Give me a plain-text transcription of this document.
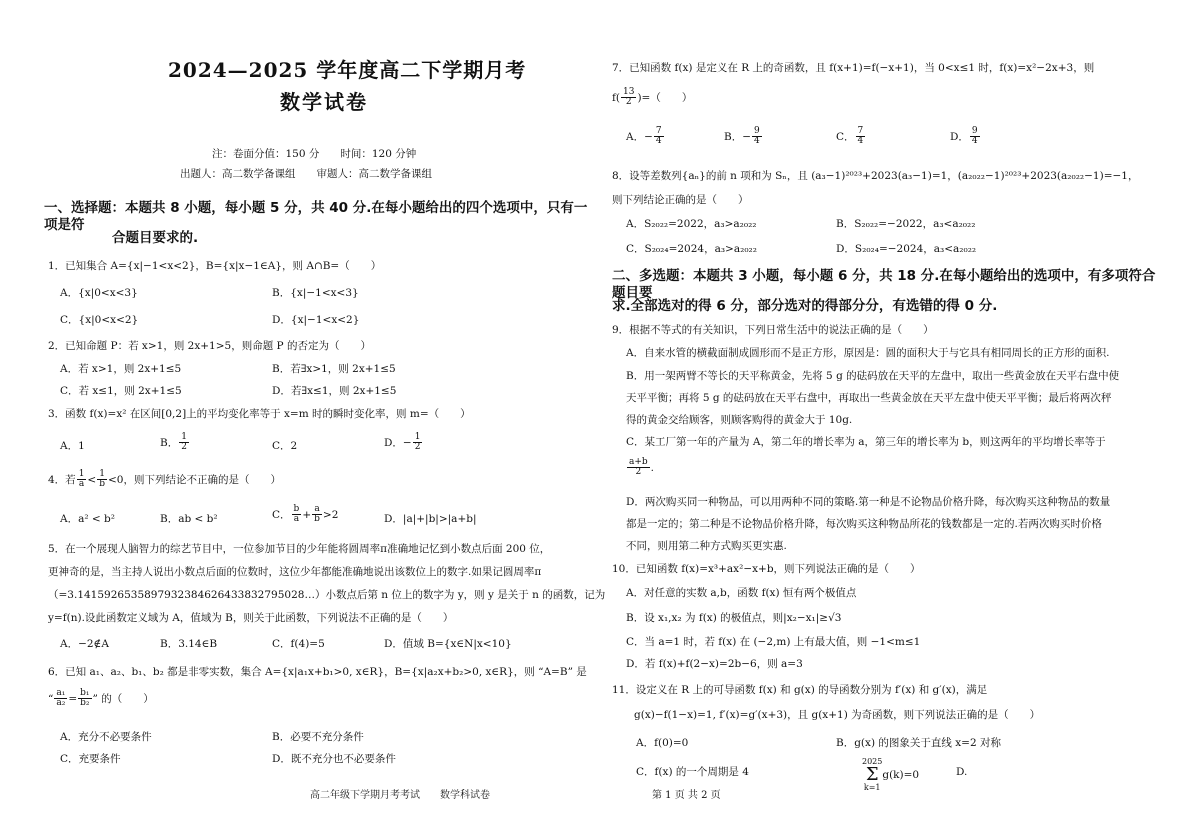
2024—2025 学年度高二下学期月考
数学试卷
注：卷面分值：150 分　　时间：120 分钟
出题人：高二数学备课组　　审题人：高二数学备课组
一、选择题：本题共 8 小题，每小题 5 分，共 40 分.在每小题给出的四个选项中，只有一项是符
合题目要求的.
1．已知集合 A={x|−1<x<2}，B={x|x−1∈A}，则 A∩B=（　　）
A．{x|0<x<3}	B．{x|−1<x<3}
C．{x|0<x<2}	D．{x|−1<x<2}
2．已知命题 P：若 x>1，则 2x+1>5，则命题 P 的否定为（　　）
A．若 x>1，则 2x+1≤5	B．若∃x>1，则 2x+1≤5
C．若 x≤1，则 2x+1≤5	D．若∃x≤1，则 2x+1≤5
3．函数 f(x)=x² 在区间[0,2]上的平均变化率等于 x=m 时的瞬时变化率，则 m=（　　）
A．1	B． $\frac{1}{2}$	C．2	D．− $\frac{1}{2}$
4．若 $\frac{1}{a} < \frac{1}{b} <0$，则下列结论不正确的是（　　）
A．a² < b²	B．ab < b²	C． $\frac{b}{a} + \frac{a}{b} >2$	D．|a|+|b|>|a+b|
5．在一个展现人脑智力的综艺节目中，一位参加节目的少年能将圆周率π准确地记忆到小数点后面 200 位，
更神奇的是，当主持人说出小数点后面的位数时，这位少年都能准确地说出该数位上的数字.如果记圆周率π
（=3.1415926535897932384626433832795028…）小数点后第 n 位上的数字为 y，则 y 是关于 n 的函数，记为
y=f(n).设此函数定义域为 A，值域为 B，则关于此函数，下列说法不正确的是（　　）
A．−2∉A	B．3.14∈B	C．f(4)=5	D．值域 B={x∈N|x<10}
6．已知 a₁、a₂、b₁、b₂ 都是非零实数，集合 A={x|a₁x+b₁>0, x∈R}，B={x|a₂x+b₂>0, x∈R}，则 “A=B” 是
“ $\frac{\text{a₁}}{\text{a₂}} = \frac{\text{b₁}}{\text{b₂}}$ ” 的（　　）
A．充分不必要条件	B．必要不充分条件
C．充要条件	D．既不充分也不必要条件
高二年级下学期月考考试　　数学科试卷
7．已知函数 f(x) 是定义在 R 上的奇函数，且 f(x+1)=f(−x+1)，当 0<x≤1 时，f(x)=x²−2x+3，则
$f( \frac{13}{2}$ )=（　　）
A．− $\frac{7}{4}$	B．− $\frac{9}{4}$	C． $\frac{7}{4}$	D． $\frac{9}{4}$
8．设等差数列{aₙ}的前 n 项和为 Sₙ，且 (a₃−1)²⁰²³+2023(a₃−1)=1，(a₂₀₂₂−1)²⁰²³+2023(a₂₀₂₂−1)=−1，
则下列结论正确的是（　　）
A．S₂₀₂₂=2022，a₃>a₂₀₂₂	B．S₂₀₂₂=−2022，a₃<a₂₀₂₂
C．S₂₀₂₄=2024，a₃>a₂₀₂₂	D．S₂₀₂₄=−2024，a₃<a₂₀₂₂
二、多选题：本题共 3 小题，每小题 6 分，共 18 分.在每小题给出的选项中，有多项符合题目要
求.全部选对的得 6 分，部分选对的得部分分，有选错的得 0 分.
9．根据不等式的有关知识，下列日常生活中的说法正确的是（　　）
A．自来水管的横截面制成圆形而不是正方形，原因是：圆的面积大于与它具有相同周长的正方形的面积.
B．用一架两臂不等长的天平称黄金，先将 5 g 的砝码放在天平的左盘中，取出一些黄金放在天平右盘中使
天平平衡；再将 5 g 的砝码放在天平右盘中，再取出一些黄金放在天平左盘中使天平平衡；最后将两次秤
得的黄金交给顾客，则顾客购得的黄金大于 10g.
C．某工厂第一年的产量为 A，第二年的增长率为 a，第三年的增长率为 b，则这两年的平均增长率等于
$\frac{a+b}{2}$ .
D．两次购买同一种物品，可以用两种不同的策略.第一种是不论物品价格升降，每次购买这种物品的数量
都是一定的；第二种是不论物品价格升降，每次购买这种物品所花的钱数都是一定的.若两次购买时价格
不同，则用第二种方式购买更实惠.
10．已知函数 f(x)=x³+ax²−x+b，则下列说法正确的是（　　）
A．对任意的实数 a,b，函数 f(x) 恒有两个极值点
B．设 x₁,x₂ 为 f(x) 的极值点，则|x₂−x₁|≥√3
C．当 a=1 时，若 f(x) 在 (−2,m) 上有最大值，则 −1<m≤1
D．若 f(x)+f(2−x)=2b−6，则 a=3
11．设定义在 R 上的可导函数 f(x) 和 g(x) 的导函数分别为 f′(x) 和 g′(x)，满足
g(x)−f(1−x)=1, f′(x)=g′(x+3)，且 g(x+1) 为奇函数，则下列说法正确的是（　　）
A．f(0)=0	B．g(x) 的图象关于直线 x=2 对称
C．f(x) 的一个周期是 4
2025
Σ
k=1g(k)=0	D.
第 1 页 共 2 页
